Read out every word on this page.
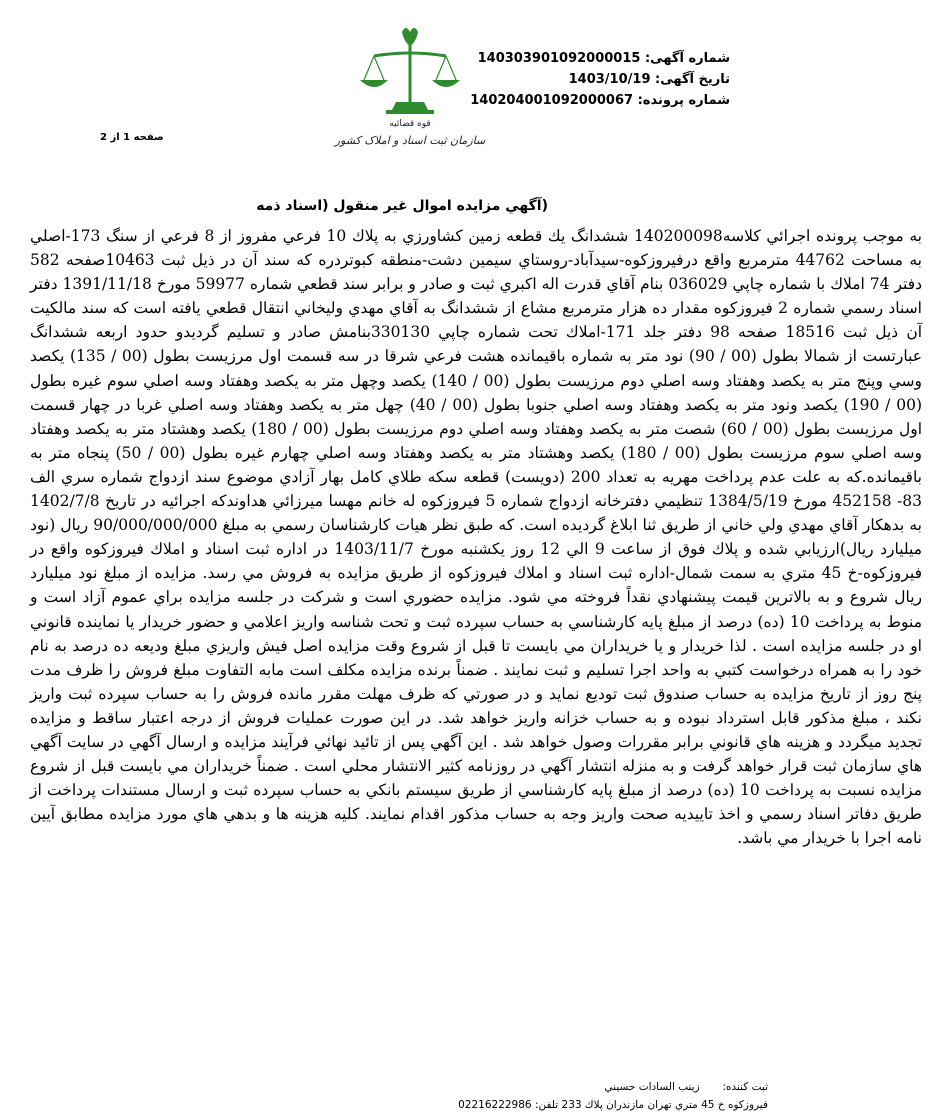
شماره آگهی: 140303901092000015
تاریخ آگهی: 1403/10/19
شماره پرونده: 140204001092000067
قوه قضائيه
سازمان ثبت اسناد و املاک کشور
صفحه 1 از 2
(آگهي مزايده اموال غير منقول (اسناد ذمه
به موجب پرونده اجرائي كلاسه140200098 ششدانگ يك قطعه زمين كشاورزي به پلاك 10 فرعي مفروز از 8 فرعي از سنگ 173-اصلي به مساحت 44762 مترمربع واقع درفيروزكوه-سيدآباد-روستاي سيمين دشت-منطقه كبوتردره كه سند آن در ذيل ثبت 10463صفحه 582 دفتر 74 املاك با شماره چاپي 036029 بنام آقاي قدرت اله اكبري ثبت و صادر و برابر سند قطعي شماره 59977 مورخ 1391/11/18 دفتر اسناد رسمي شماره 2 فيروزكوه مقدار ده هزار مترمربع مشاع از ششدانگ به آقاي مهدي وليخاني انتقال قطعي يافته است كه سند مالكيت آن ذيل ثبت 18516 صفحه 98 دفتر جلد 171-املاك تحت شماره چاپي 330130بنامش صادر و تسليم گرديدو حدود اربعه ششدانگ عبارتست از شمالا بطول (00 / 90) نود متر به شماره باقيمانده هشت فرعي شرقا در سه قسمت اول مرزيست بطول (00 / 135) يكصد وسي وپنج متر به يكصد وهفتاد وسه اصلي دوم مرزيست بطول (00 / 140) يكصد وچهل متر به يكصد وهفتاد وسه اصلي سوم غيره بطول (00 / 190) يكصد ونود متر به يكصد وهفتاد وسه اصلي جنوبا بطول (00 / 40) چهل متر به يكصد وهفتاد وسه اصلي غربا در چهار قسمت اول مرزيست بطول (00 / 60) شصت متر به يكصد وهفتاد وسه اصلي دوم مرزيست بطول (00 / 180) يكصد وهشتاد متر به يكصد وهفتاد وسه اصلي سوم مرزيست بطول (00 / 180) يكصد وهشتاد متر به يكصد وهفتاد وسه اصلي چهارم غيره بطول (00 / 50) پنجاه متر به باقيمانده.كه به علت عدم پرداخت مهريه به تعداد 200 (دويست) قطعه سكه طلاي كامل بهار آزادي موضوع سند ازدواج شماره سري الف 83- 452158 مورخ 1384/5/19 تنظيمي دفترخانه ازدواج شماره 5 فيروزكوه له خانم مهسا ميرزائي هداوندكه اجرائيه در تاريخ 1402/7/8 به بدهكار آقاي مهدي ولي خاني از طريق ثنا ابلاغ گرديده است. كه طبق نظر هيات كارشناسان رسمي به مبلغ 90/000/000/000 ريال (نود ميليارد ريال)ارزيابي شده و پلاك فوق از ساعت 9 الي 12 روز يكشنبه مورخ 1403/11/7 در اداره ثبت اسناد و املاك فيروزكوه واقع در فيروزكوه-خ 45 متري به سمت شمال-اداره ثبت اسناد و املاك فيروزكوه از طريق مزايده به فروش مي رسد. مزايده از مبلغ نود ميليارد ريال شروع و به بالاترين قيمت پيشنهادي نقداً فروخته مي شود. مزايده حضوري است و شركت در جلسه مزايده براي عموم آزاد است و منوط به پرداخت 10 (ده) درصد از مبلغ پايه كارشناسي به حساب سپرده ثبت و تحت شناسه واريز اعلامي و حضور خريدار يا نماينده قانوني او در جلسه مزايده است . لذا خريدار و يا خريداران مي بايست تا قبل از شروع وقت مزايده اصل فيش واريزي مبلغ وديعه ده درصد به نام خود را به همراه درخواست كتبي به واحد اجرا تسليم و ثبت نمايند . ضمناً برنده مزايده مكلف است مابه التفاوت مبلغ فروش را ظرف مدت پنج روز از تاريخ مزايده به حساب صندوق ثبت توديع نمايد و در صورتي كه ظرف مهلت مقرر مانده فروش را به حساب سپرده ثبت واريز نكند ، مبلغ مذكور قابل استرداد نبوده و به حساب خزانه واريز خواهد شد. در اين صورت عمليات فروش از درجه اعتبار ساقط و مزايده تجديد ميگردد و هزينه هاي قانوني برابر مقررات وصول خواهد شد . اين آگهي پس از تائيد نهائي فرآيند مزايده و ارسال آگهي در سايت آگهي هاي سازمان ثبت قرار خواهد گرفت و به منزله انتشار آگهي در روزنامه كثير الانتشار محلي است . ضمناً خريداران مي بايست قبل از شروع مزايده نسبت به پرداخت 10 (ده) درصد از مبلغ پايه كارشناسي از طريق سيستم بانكي به حساب سپرده ثبت و ارسال مستندات پرداخت از طريق دفاتر اسناد رسمي و اخذ تاييديه صحت واريز وجه به حساب مذكور اقدام نمايند. كليه هزينه ها و بدهي هاي مورد مزايده مطابق آيين نامه اجرا با خريدار مي باشد.
ثبت کننده:  زينب السادات حسيني
فيروزكوه خ 45 متري تهران مازندران پلاك 233 تلفن: 02216222986
